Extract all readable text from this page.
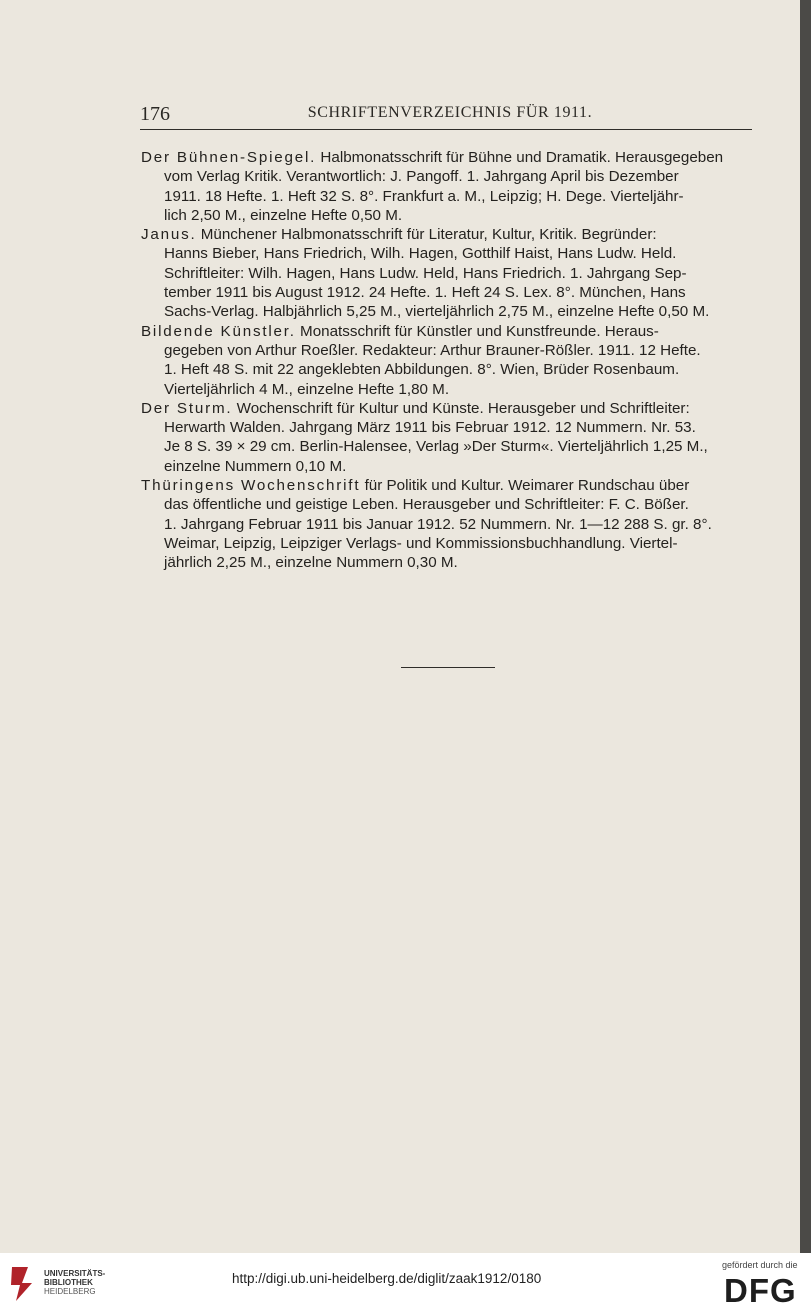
176	SCHRIFTENVERZEICHNIS FÜR 1911.
Der Bühnen-Spiegel. Halbmonatsschrift für Bühne und Dramatik. Herausgegeben
vom Verlag Kritik. Verantwortlich: J. Pangoff. 1. Jahrgang April bis Dezember
1911. 18 Hefte. 1. Heft 32 S. 8°. Frankfurt a. M., Leipzig; H. Dege. Vierteljähr-
lich 2,50 M., einzelne Hefte 0,50 M.
Janus. Münchener Halbmonatsschrift für Literatur, Kultur, Kritik. Begründer:
Hanns Bieber, Hans Friedrich, Wilh. Hagen, Gotthilf Haist, Hans Ludw. Held.
Schriftleiter: Wilh. Hagen, Hans Ludw. Held, Hans Friedrich. 1. Jahrgang Sep-
tember 1911 bis August 1912. 24 Hefte. 1. Heft 24 S. Lex. 8°. München, Hans
Sachs-Verlag. Halbjährlich 5,25 M., vierteljährlich 2,75 M., einzelne Hefte 0,50 M.
Bildende Künstler. Monatsschrift für Künstler und Kunstfreunde. Heraus-
gegeben von Arthur Roeßler. Redakteur: Arthur Brauner-Rößler. 1911. 12 Hefte.
1. Heft 48 S. mit 22 angeklebten Abbildungen. 8°. Wien, Brüder Rosenbaum.
Vierteljährlich 4 M., einzelne Hefte 1,80 M.
Der Sturm. Wochenschrift für Kultur und Künste. Herausgeber und Schriftleiter:
Herwarth Walden. Jahrgang März 1911 bis Februar 1912. 12 Nummern. Nr. 53.
Je 8 S. 39 × 29 cm. Berlin-Halensee, Verlag »Der Sturm«. Vierteljährlich 1,25 M.,
einzelne Nummern 0,10 M.
Thüringens Wochenschrift für Politik und Kultur. Weimarer Rundschau über
das öffentliche und geistige Leben. Herausgeber und Schriftleiter: F. C. Bößer.
1. Jahrgang Februar 1911 bis Januar 1912. 52 Nummern. Nr. 1—12 288 S. gr. 8°.
Weimar, Leipzig, Leipziger Verlags- und Kommissionsbuchhandlung. Viertel-
jährlich 2,25 M., einzelne Nummern 0,30 M.
UNIVERSITÄTS-
BIBLIOTHEK
HEIDELBERG
http://digi.ub.uni-heidelberg.de/diglit/zaak1912/0180
gefördert durch die
DFG
